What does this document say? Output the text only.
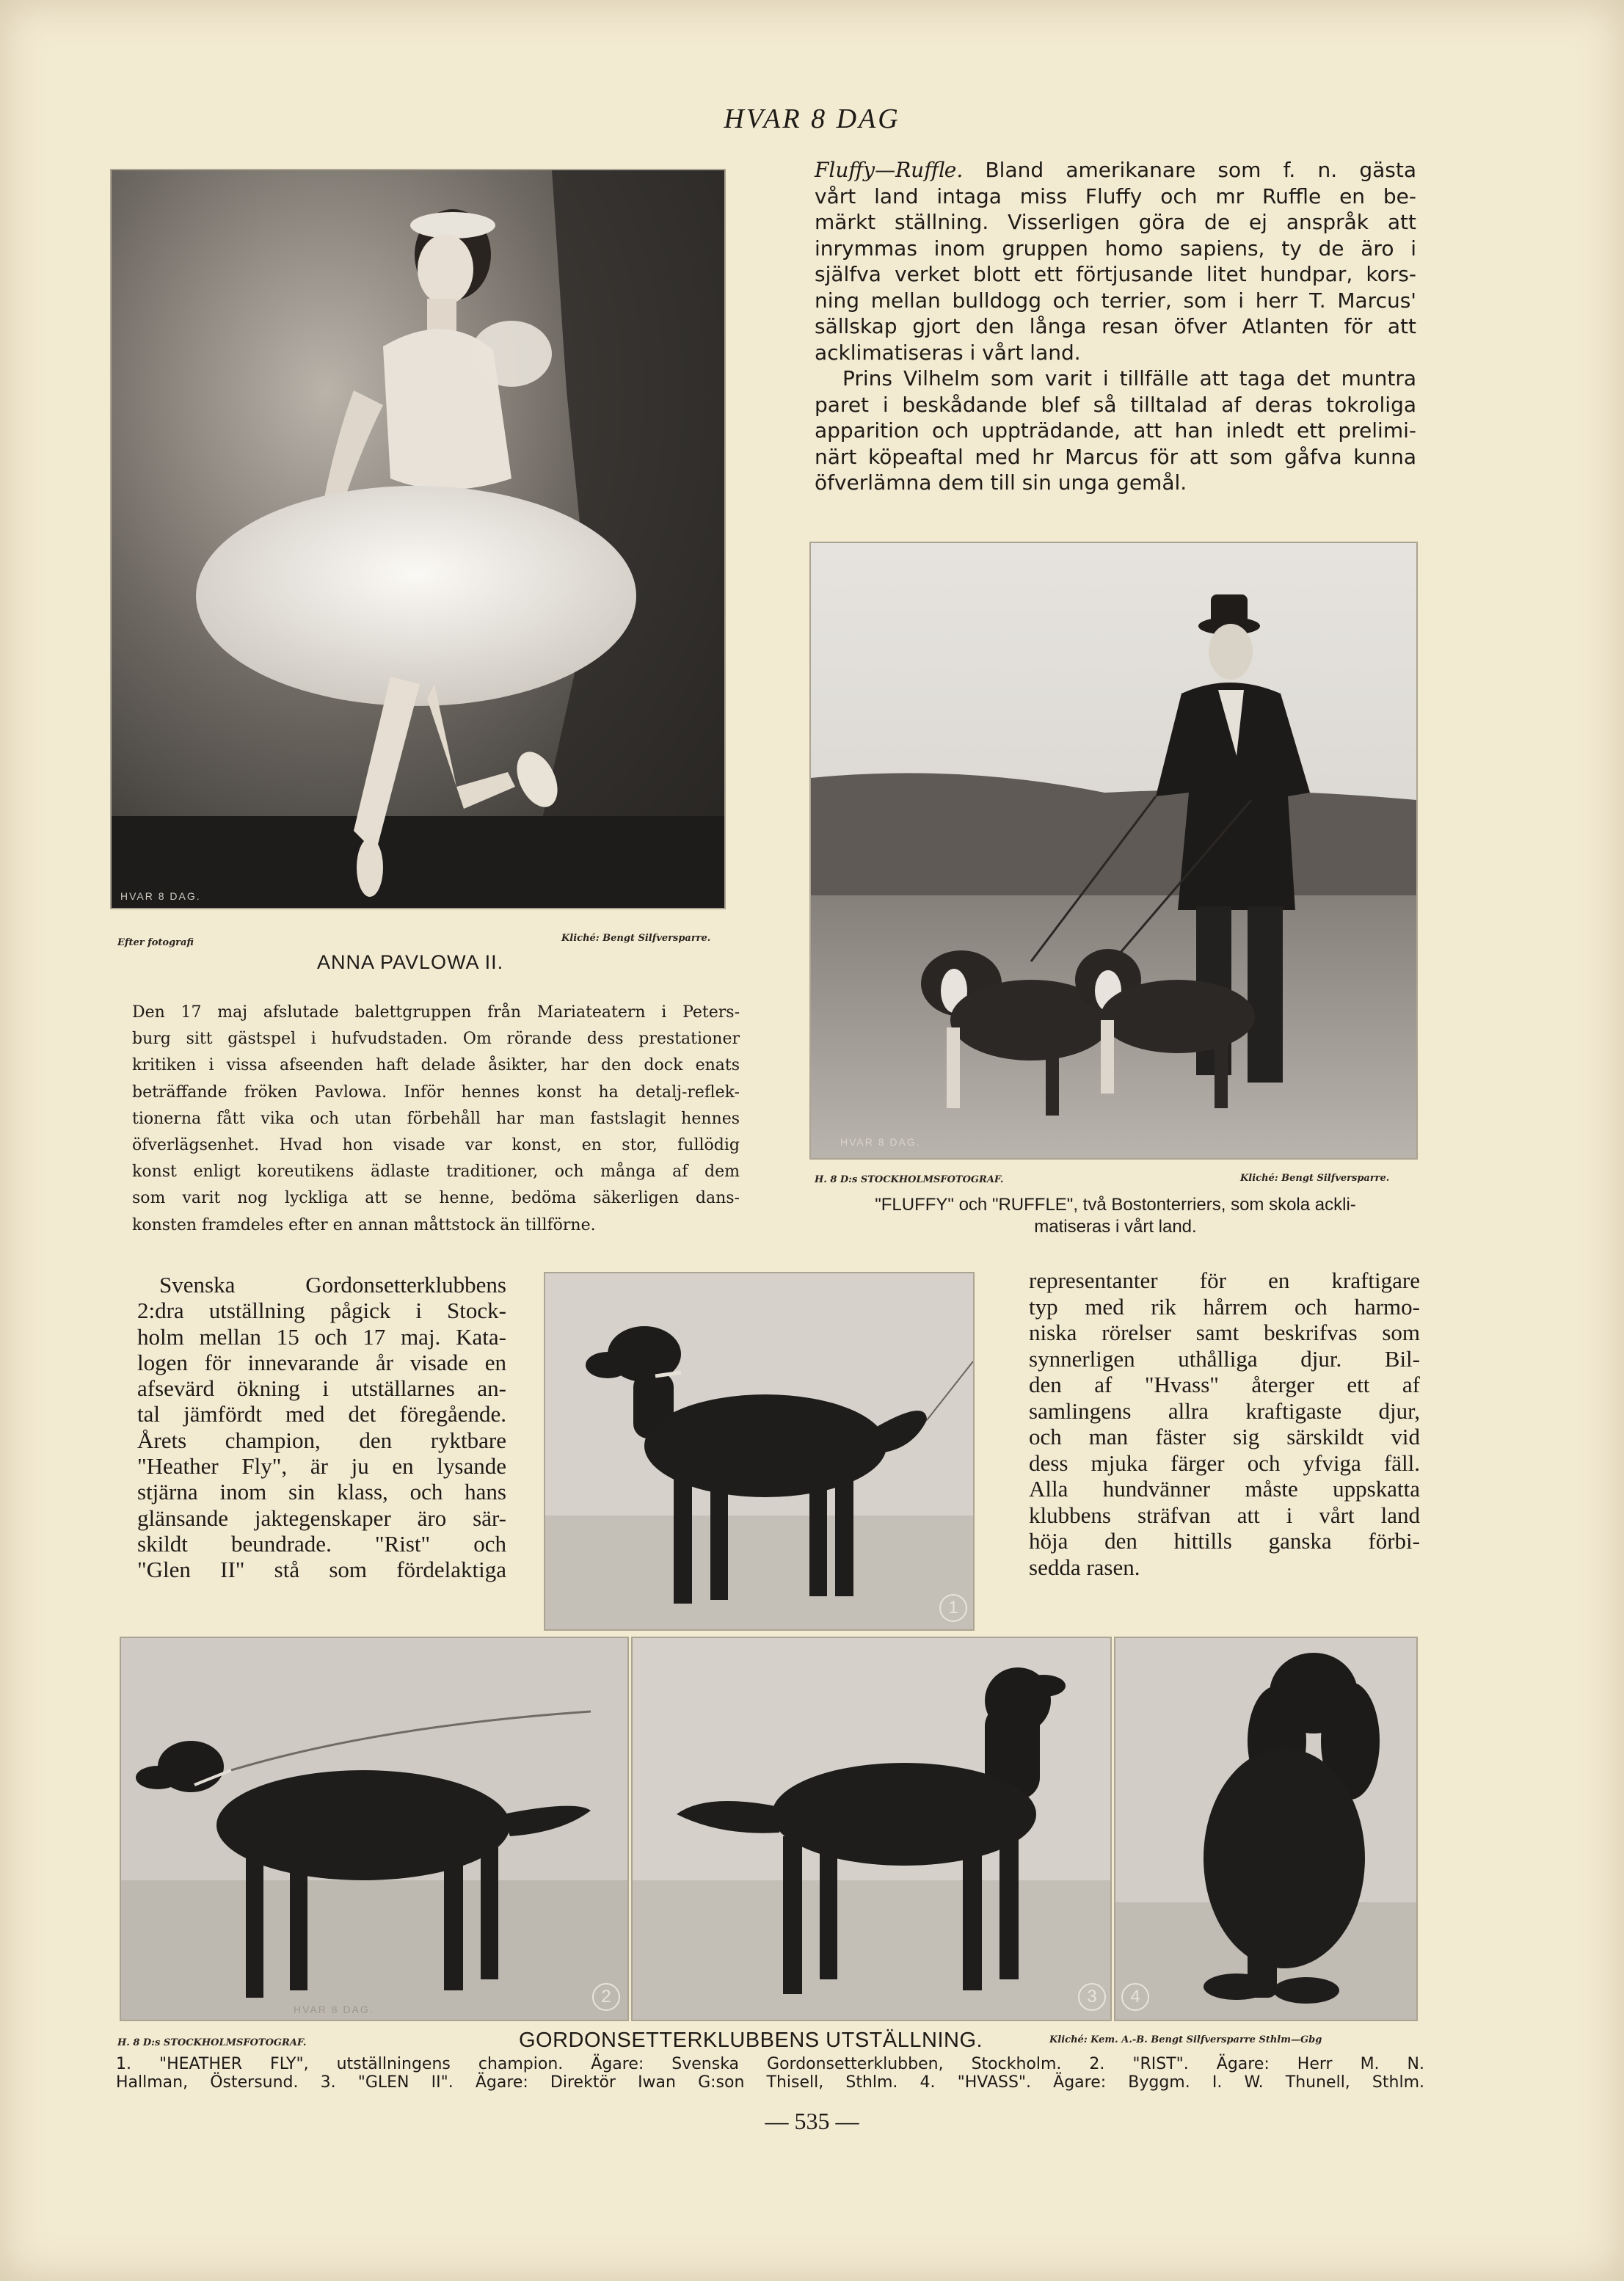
HVAR 8 DAG
HVAR 8 DAG.
Efter fotografi	Kliché: Bengt Silfversparre.
ANNA PAVLOWA II.
Den 17 maj afslutade balettgruppen från Mariateatern i Peters-
burg sitt gästspel i hufvudstaden. Om rörande dess prestationer
kritiken i vissa afseenden haft delade åsikter, har den dock enats
beträffande fröken Pavlowa. Inför hennes konst ha detalj-reflek-
tionerna fått vika och utan förbehåll har man fastslagit hennes
öfverlägsenhet. Hvad hon visade var konst, en stor, fullödig
konst enligt koreutikens ädlaste traditioner, och många af dem
som varit nog lyckliga att se henne, bedöma säkerligen dans-
konsten framdeles efter en annan måttstock än tillförne.
Fluffy—Ruffle. Bland amerikanare som f. n. gästa
vårt land intaga miss Fluffy och mr Ruffle en be-
märkt ställning. Visserligen göra de ej anspråk att
inrymmas inom gruppen homo sapiens, ty de äro i
själfva verket blott ett förtjusande litet hundpar, kors-
ning mellan bulldogg och terrier, som i herr T. Marcus'
sällskap gjort den långa resan öfver Atlanten för att
acklimatiseras i vårt land.
Prins Vilhelm som varit i tillfälle att taga det muntra
paret i beskådande blef så tilltalad af deras tokroliga
apparition och uppträdande, att han inledt ett prelimi-
närt köpeaftal med hr Marcus för att som gåfva kunna
öfverlämna dem till sin unga gemål.
HVAR 8 DAG.
H. 8 D:s STOCKHOLMSFOTOGRAF.	Kliché: Bengt Silfversparre.
"FLUFFY" och "RUFFLE", två Bostonterriers, som skola ackli-
matiseras i vårt land.
Svenska Gordonsetterklubbens
2:dra utställning pågick i Stock-
holm mellan 15 och 17 maj. Kata-
logen för innevarande år visade en
afsevärd ökning i utställarnes an-
tal jämfördt med det föregående.
Årets champion, den ryktbare
"Heather Fly", är ju en lysande
stjärna inom sin klass, och hans
glänsande jaktegenskaper äro sär-
skildt beundrade. "Rist" och
"Glen II" stå som fördelaktiga
1
representanter för en kraftigare
typ med rik hårrem och harmo-
niska rörelser samt beskrifvas som
synnerligen uthålliga djur. Bil-
den af "Hvass" återger ett af
samlingens allra kraftigaste djur,
och man fäster sig särskildt vid
dess mjuka färger och yfviga fäll.
Alla hundvänner måste uppskatta
klubbens sträfvan att i vårt land
höja den hittills ganska förbi-
sedda rasen.
HVAR 8 DAG.
2	3	4
H. 8 D:s STOCKHOLMSFOTOGRAF.	GORDONSETTERKLUBBENS UTSTÄLLNING.	Kliché: Kem. A.-B. Bengt Silfversparre Sthlm—Gbg
1. "HEATHER FLY", utställningens champion. Ägare: Svenska Gordonsetterklubben, Stockholm. 2. "RIST". Ägare: Herr M. N.
Hallman, Östersund. 3. "GLEN II". Ägare: Direktör Iwan G:son Thisell, Sthlm. 4. "HVASS". Ägare: Byggm. I. W. Thunell, Sthlm.
— 535 —
